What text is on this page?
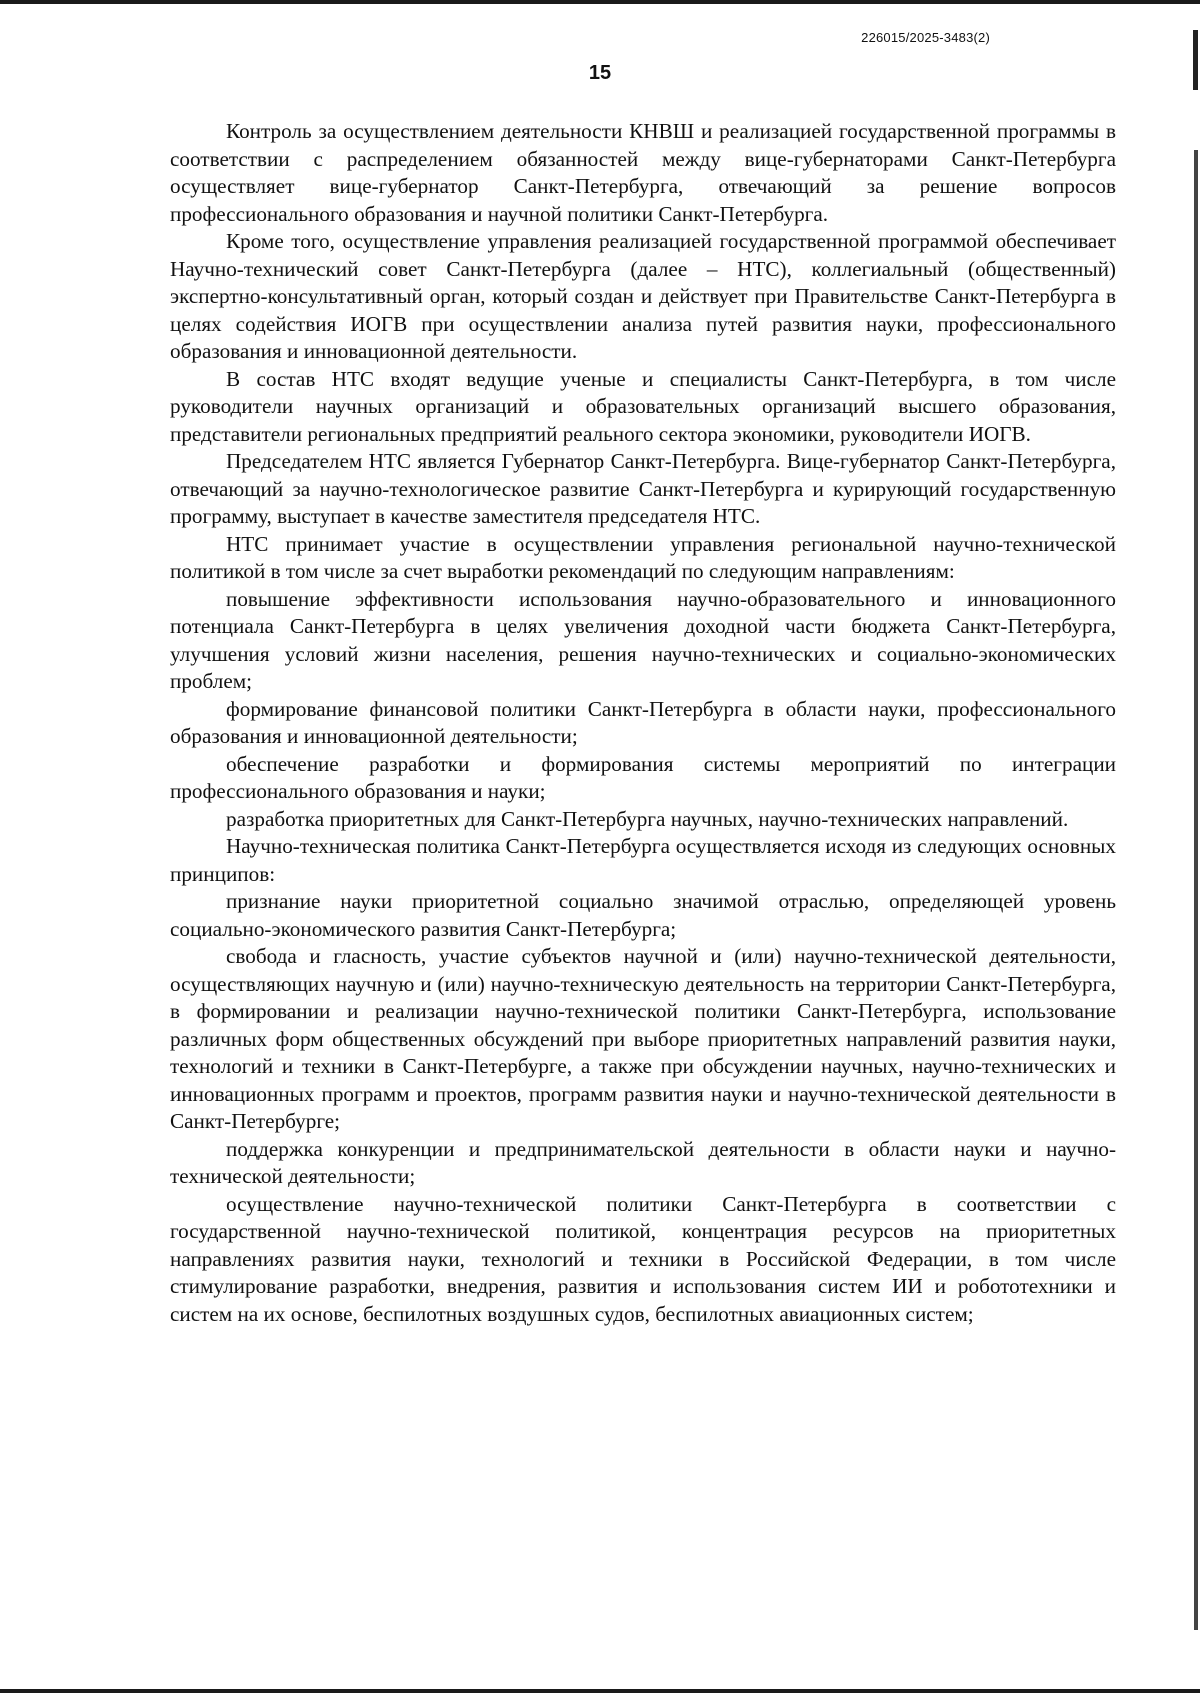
226015/2025-3483(2)
15

Контроль за осуществлением деятельности КНВШ и реализацией государственной программы в соответствии с распределением обязанностей между вице-губернаторами Санкт-Петербурга осуществляет вице-губернатор Санкт-Петербурга, отвечающий за решение вопросов профессионального образования и научной политики Санкт-Петербурга.

Кроме того, осуществление управления реализацией государственной программой обеспечивает Научно-технический совет Санкт-Петербурга (далее – НТС), коллегиальный (общественный) экспертно-консультативный орган, который создан и действует при Правительстве Санкт-Петербурга в целях содействия ИОГВ при осуществлении анализа путей развития науки, профессионального образования и инновационной деятельности.

В состав НТС входят ведущие ученые и специалисты Санкт-Петербурга, в том числе руководители научных организаций и образовательных организаций высшего образования, представители региональных предприятий реального сектора экономики, руководители ИОГВ.

Председателем НТС является Губернатор Санкт-Петербурга. Вице-губернатор Санкт-Петербурга, отвечающий за научно-технологическое развитие Санкт-Петербурга и курирующий государственную программу, выступает в качестве заместителя председателя НТС.

НТС принимает участие в осуществлении управления региональной научно-технической политикой в том числе за счет выработки рекомендаций по следующим направлениям:

повышение эффективности использования научно-образовательного и инновационного потенциала Санкт-Петербурга в целях увеличения доходной части бюджета Санкт-Петербурга, улучшения условий жизни населения, решения научно-технических и социально-экономических проблем;

формирование финансовой политики Санкт-Петербурга в области науки, профессионального образования и инновационной деятельности;

обеспечение разработки и формирования системы мероприятий по интеграции профессионального образования и науки;

разработка приоритетных для Санкт-Петербурга научных, научно-технических направлений.

Научно-техническая политика Санкт-Петербурга осуществляется исходя из следующих основных принципов:

признание науки приоритетной социально значимой отраслью, определяющей уровень социально-экономического развития Санкт-Петербурга;

свобода и гласность, участие субъектов научной и (или) научно-технической деятельности, осуществляющих научную и (или) научно-техническую деятельность на территории Санкт-Петербурга, в формировании и реализации научно-технической политики Санкт-Петербурга, использование различных форм общественных обсуждений при выборе приоритетных направлений развития науки, технологий и техники в Санкт-Петербурге, а также при обсуждении научных, научно-технических и инновационных программ и проектов, программ развития науки и научно-технической деятельности в Санкт-Петербурге;

поддержка конкуренции и предпринимательской деятельности в области науки и научно-технической деятельности;

осуществление научно-технической политики Санкт-Петербурга в соответствии с государственной научно-технической политикой, концентрация ресурсов на приоритетных направлениях развития науки, технологий и техники в Российской Федерации, в том числе стимулирование разработки, внедрения, развития и использования систем ИИ и робототехники и систем на их основе, беспилотных воздушных судов, беспилотных авиационных систем;
